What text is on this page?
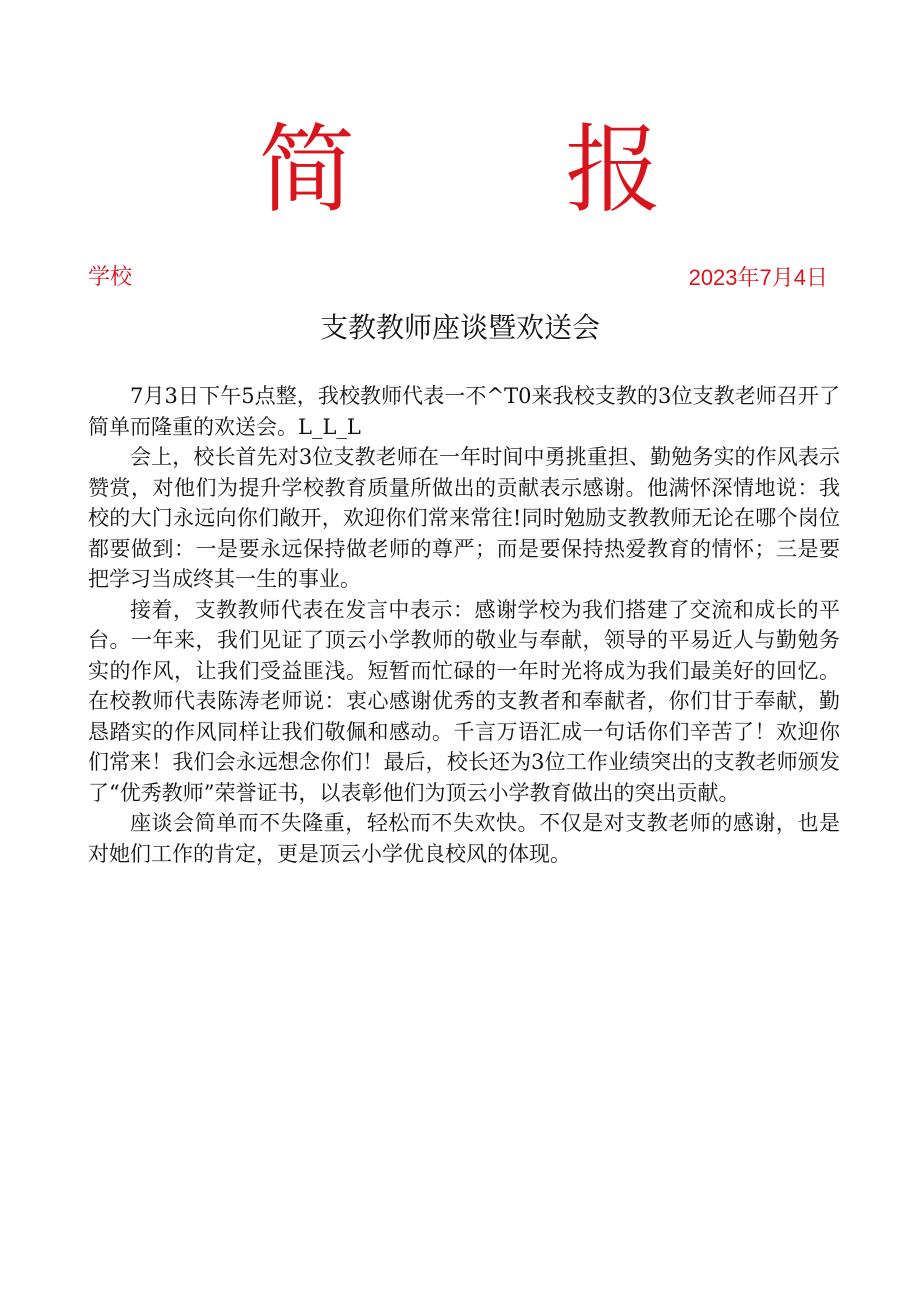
简 报
学校	2023年7月4日
支教教师座谈暨欢送会

7月3日下午5点整，我校教师代表一不^T0来我校支教的3位支教老师召开了简单而隆重的欢送会。L_L_L

会上，校长首先对3位支教老师在一年时间中勇挑重担、勤勉务实的作风表示赞赏，对他们为提升学校教育质量所做出的贡献表示感谢。他满怀深情地说：我校的大门永远向你们敞开，欢迎你们常来常往!同时勉励支教教师无论在哪个岗位都要做到：一是要永远保持做老师的尊严；而是要保持热爱教育的情怀；三是要把学习当成终其一生的事业。

接着，支教教师代表在发言中表示：感谢学校为我们搭建了交流和成长的平台。一年来，我们见证了顶云小学教师的敬业与奉献，领导的平易近人与勤勉务实的作风，让我们受益匪浅。短暂而忙碌的一年时光将成为我们最美好的回忆。在校教师代表陈涛老师说：衷心感谢优秀的支教者和奉献者，你们甘于奉献，勤恳踏实的作风同样让我们敬佩和感动。千言万语汇成一句话你们辛苦了！欢迎你们常来！我们会永远想念你们！最后，校长还为3位工作业绩突出的支教老师颁发了“优秀教师”荣誉证书，以表彰他们为顶云小学教育做出的突出贡献。

座谈会简单而不失隆重，轻松而不失欢快。不仅是对支教老师的感谢，也是对她们工作的肯定，更是顶云小学优良校风的体现。
